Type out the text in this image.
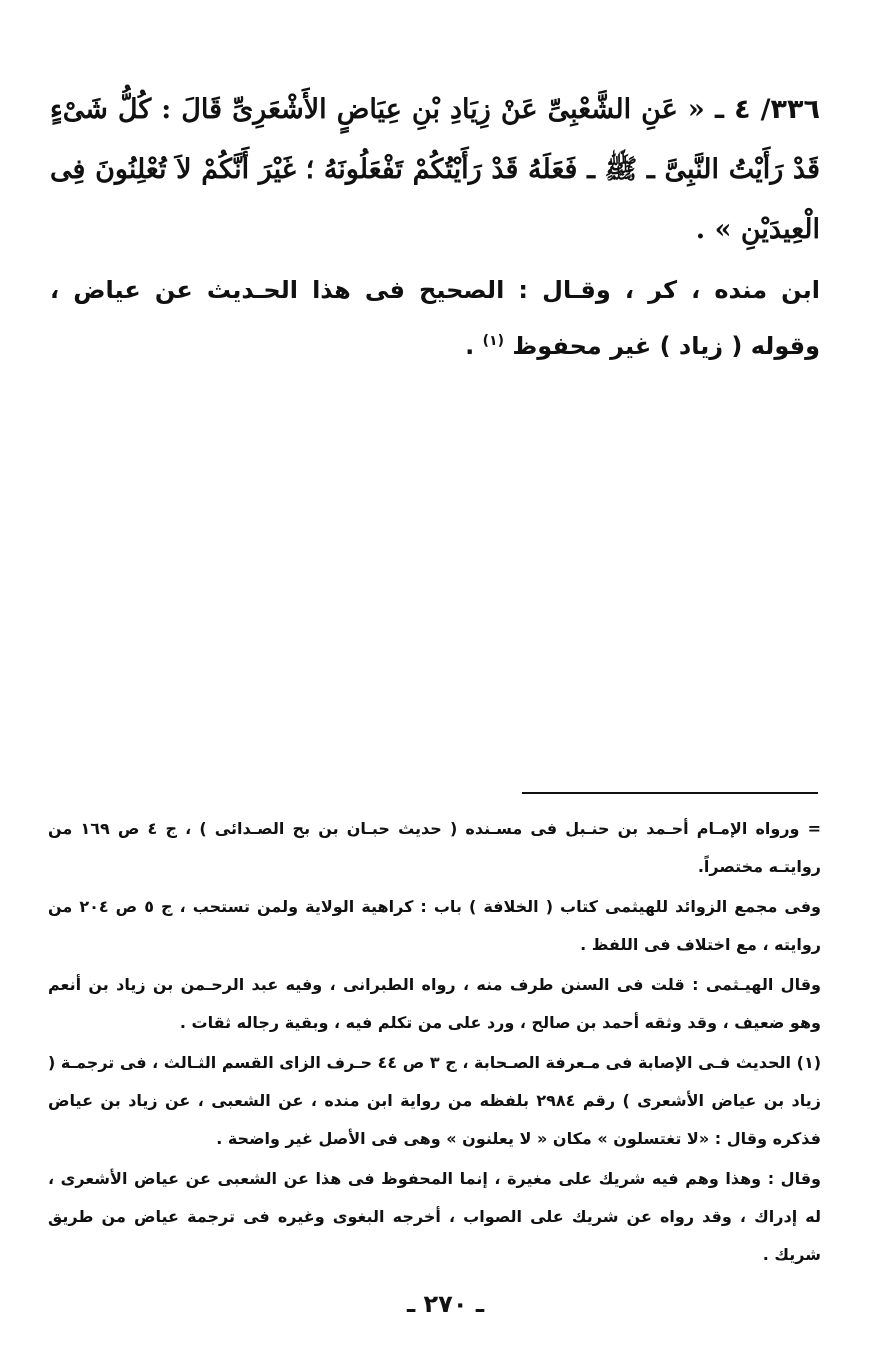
٣٣٦/ ٤ ـ « عَنِ الشَّعْبِىِّ عَنْ زِيَادِ بْنِ عِيَاضٍ الأَشْعَرِىِّ قَالَ : كُلُّ شَىْءٍ قَدْ رَأَيْتُ النَّبِىَّ ـ ﷺ ـ فَعَلَهُ قَدْ رَأَيْتُكُمْ تَفْعَلُونَهُ ؛ غَيْرَ أَنَّكُمْ لاَ تُعْلِنُونَ فِى الْعِيدَيْنِ » .
ابن منده ، كر ، وقـال : الصحيح فى هذا الحـديث عن عياض ، وقوله ( زياد ) غير محفوظ $^{(١)}$ .

= ورواه الإمـام أحـمد بن حنـبل فى مسـنده ( حديث حبـان بن بح الصـدائى ) ، ج ٤ ص ١٦٩ من روايتـه مختصراً.

وفى مجمع الزوائد للهيثمى كتاب ( الخلافة ) باب : كراهية الولاية ولمن تستحب ، ج ٥ ص ٢٠٤ من روايته ، مع اختلاف فى اللفظ .

وقال الهيـثمى : قلت فى السنن طرف منه ، رواه الطبرانى ، وفيه عبد الرحـمن بن زياد بن أنعم وهو ضعيف ، وقد وثقه أحمد بن صالح ، ورد على من تكلم فيه ، وبقية رجاله ثقات .

(١) الحديث فـى الإصابة فى مـعرفة الصـحابة ، ج ٣ ص ٤٤ حـرف الزاى القسم الثـالث ، فى ترجمـة ( زياد بن عياض الأشعرى ) رقم ٢٩٨٤ بلفظه من رواية ابن منده ، عن الشعبى ، عن زياد بن عياض فذكره وقال : «لا تغتسلون » مكان « لا يعلنون » وهى فى الأصل غير واضحة .

وقال : وهذا وهم فيه شريك على مغيرة ، إنما المحفوظ فى هذا عن الشعبى عن عياض الأشعرى ، له إدراك ، وقد رواه عن شريك على الصواب ، أخرجه البغوى وغيره فى ترجمة عياض من طريق شريك .

ـ ٢٧٠ ـ
